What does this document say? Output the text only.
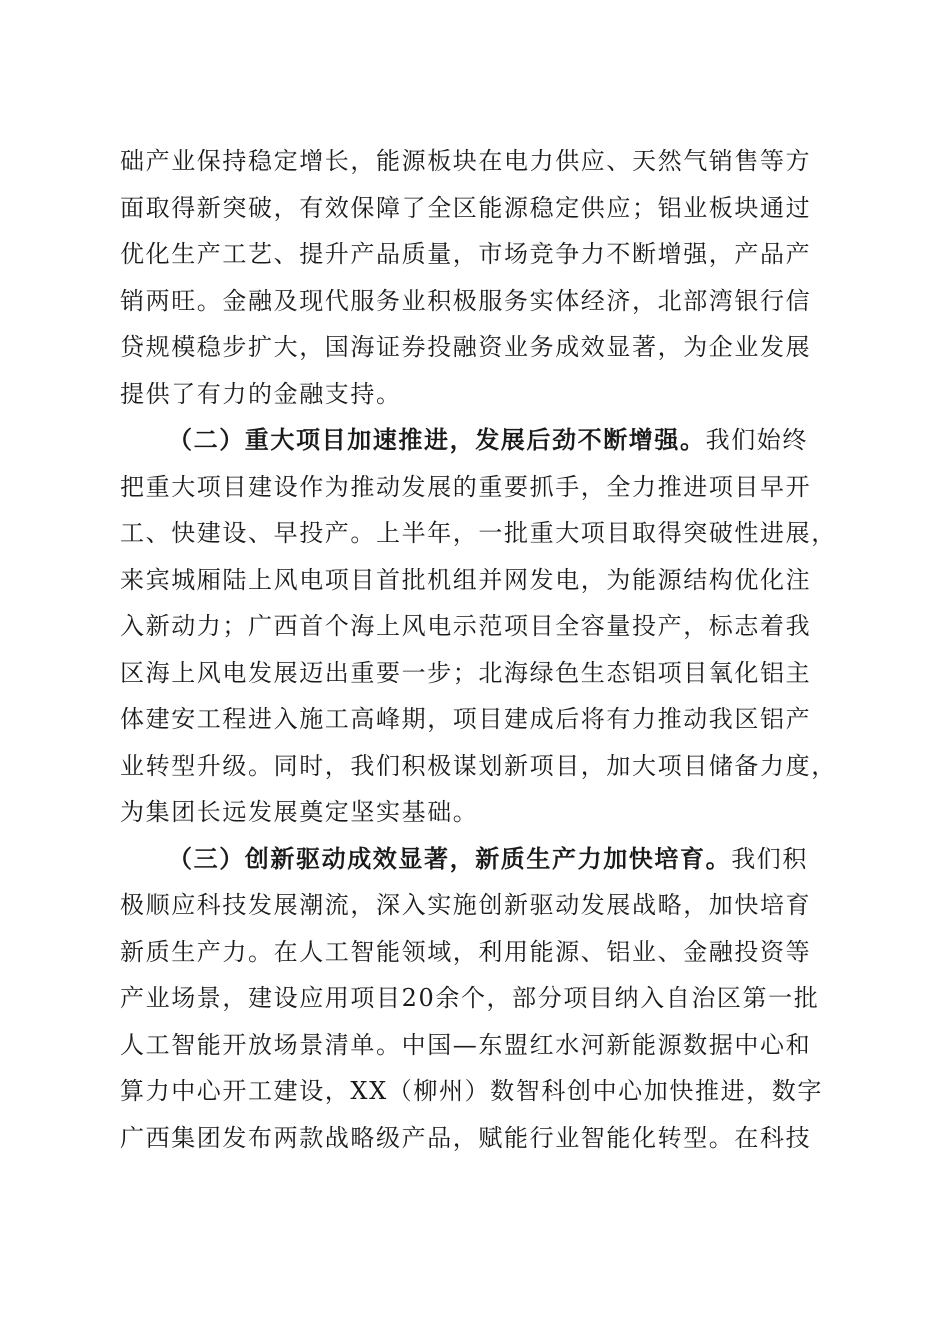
础产业保持稳定增长，能源板块在电力供应、天然气销售等方
面取得新突破，有效保障了全区能源稳定供应；铝业板块通过
优化生产工艺、提升产品质量，市场竞争力不断增强，产品产
销两旺。金融及现代服务业积极服务实体经济，北部湾银行信
贷规模稳步扩大，国海证券投融资业务成效显著，为企业发展
提供了有力的金融支持。
（二）重大项目加速推进，发展后劲不断增强。我们始终
把重大项目建设作为推动发展的重要抓手，全力推进项目早开
工、快建设、早投产。上半年，一批重大项目取得突破性进展，
来宾城厢陆上风电项目首批机组并网发电，为能源结构优化注
入新动力；广西首个海上风电示范项目全容量投产，标志着我
区海上风电发展迈出重要一步；北海绿色生态铝项目氧化铝主
体建安工程进入施工高峰期，项目建成后将有力推动我区铝产
业转型升级。同时，我们积极谋划新项目，加大项目储备力度，
为集团长远发展奠定坚实基础。
（三）创新驱动成效显著，新质生产力加快培育。我们积
极顺应科技发展潮流，深入实施创新驱动发展战略，加快培育
新质生产力。在人工智能领域，利用能源、铝业、金融投资等
产业场景，建设应用项目20余个，部分项目纳入自治区第一批
人工智能开放场景清单。中国—东盟红水河新能源数据中心和
算力中心开工建设，XX（柳州）数智科创中心加快推进，数字
广西集团发布两款战略级产品，赋能行业智能化转型。在科技
